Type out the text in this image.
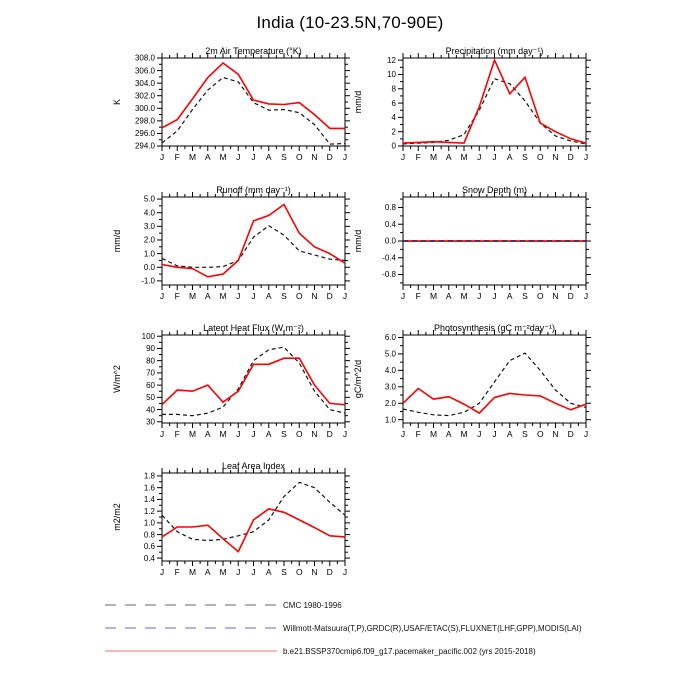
India (10-23.5N,70-90E)
2m Air Temperature (°K)
J F M A M J J A S O N D J
294.0
296.0
298.0
300.0
302.0
304.0
306.0
308.0
K
Precipitation (mm day⁻¹)
J F M A M J J A S O N D J
0
2
4
6
8
10
12
mm/d
Runoff (mm day⁻¹)
J F M A M J J A S O N D J
-1.0
0.0
1.0
2.0
3.0
4.0
5.0
mm/d
Snow Depth (m)
J F M A M J J A S O N D J
-0.8
-0.4
0.0
0.4
0.8
mm/d
Latent Heat Flux (W m⁻²)
J F M A M J J A S O N D J
30
40
50
60
70
80
90
100
W/m^2
Photosynthesis (gC m⁻²day⁻¹)
J F M A M J J A S O N D J
1.0
2.0
3.0
4.0
5.0
6.0
gC/m^2/d
Leaf Area Index
J F M A M J J A S O N D J
0.4
0.6
0.8
1.0
1.2
1.4
1.6
1.8
m2/m2
CMC 1980-1996
Willmott-Matsuura(T,P),GRDC(R),USAF/ETAC(S),FLUXNET(LHF,GPP),MODIS(LAI)
b.e21.BSSP370cmip6.f09_g17.pacemaker_pacific.002 (yrs 2015-2018)
